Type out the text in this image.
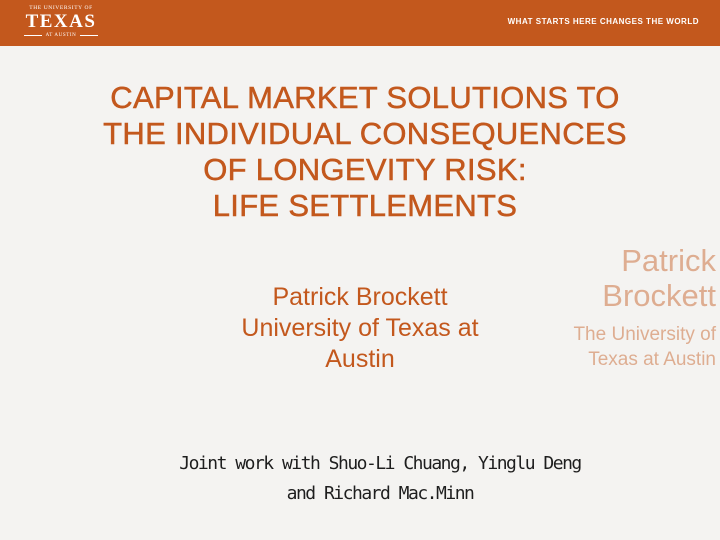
THE UNIVERSITY OF
TEXAS
AT AUSTIN
WHAT STARTS HERE CHANGES THE WORLD
CAPITAL MARKET SOLUTIONS TO
THE INDIVIDUAL CONSEQUENCES
OF LONGEVITY RISK:
LIFE SETTLEMENTS
Patrick
Brockett
The University of
Texas at Austin
Patrick Brockett
University of Texas at
Austin
Joint work with Shuo-Li Chuang, Yinglu Deng
and Richard Mac.Minn
